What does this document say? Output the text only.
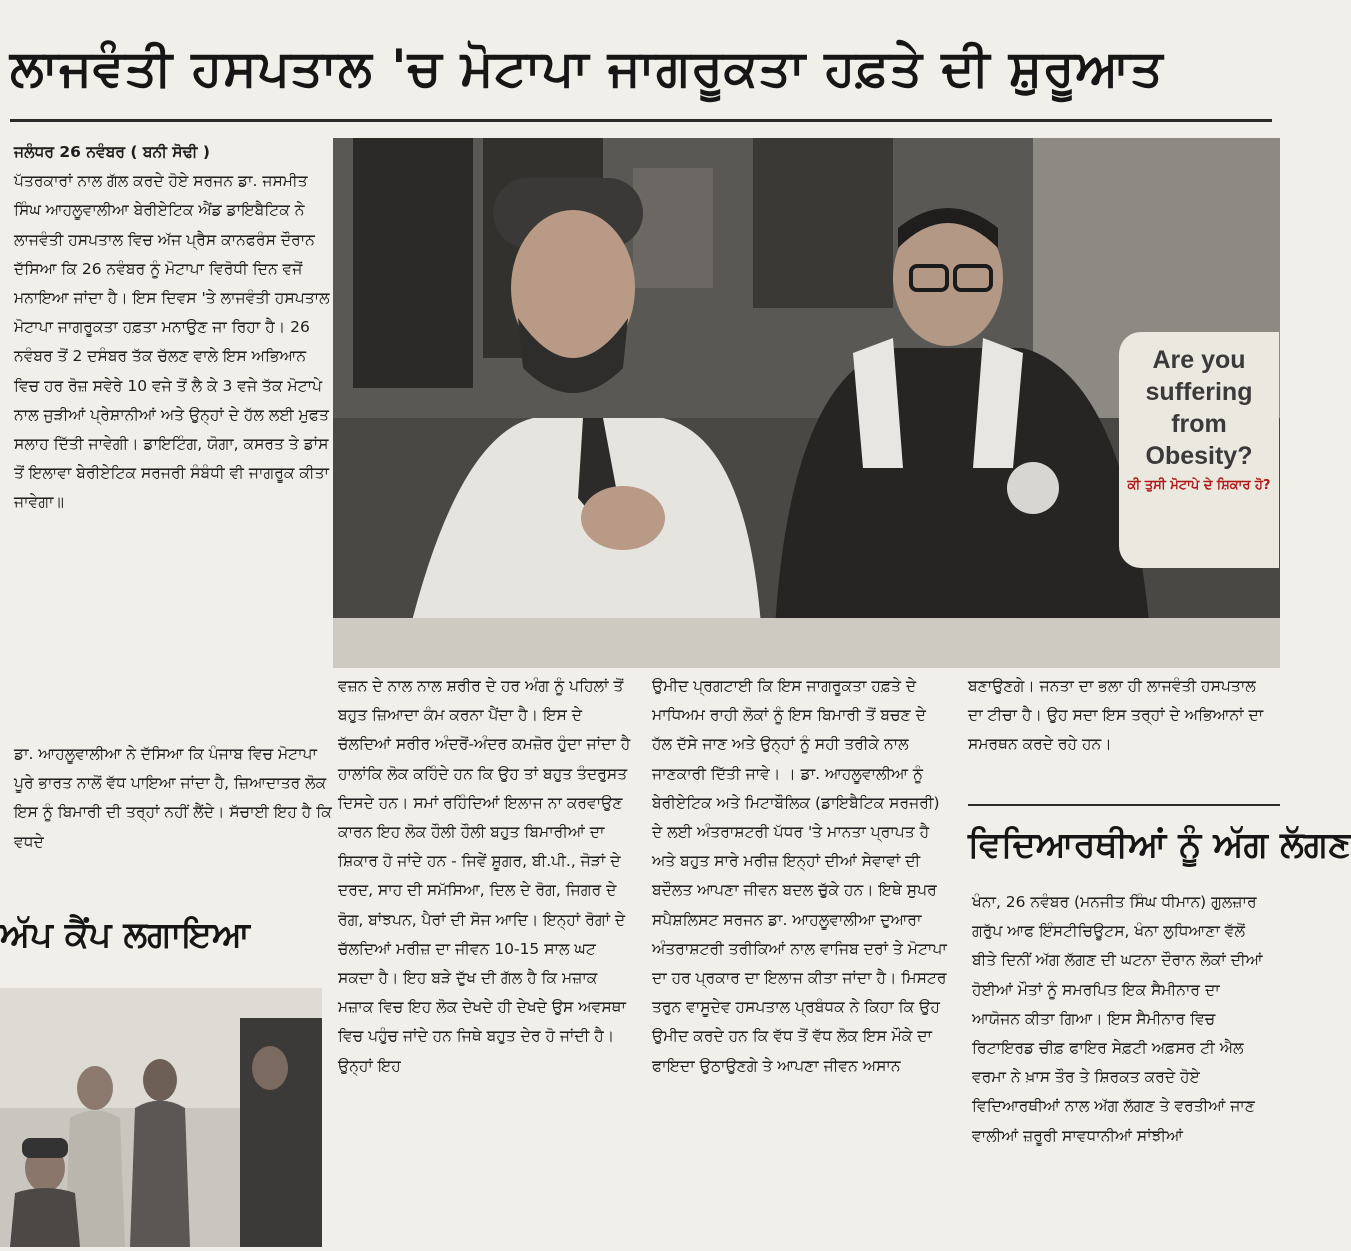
ਲਾਜਵੰਤੀ ਹਸਪਤਾਲ 'ਚ ਮੋਟਾਪਾ ਜਾਗਰੂਕਤਾ ਹਫ਼ਤੇ ਦੀ ਸ਼ੁਰੂਆਤ

ਜਲੰਧਰ 26 ਨਵੰਬਰ ( ਬਨੀ ਸੋਢੀ )

ਪੱਤਰਕਾਰਾਂ ਨਾਲ ਗੱਲ ਕਰਦੇ ਹੋਏ ਸਰਜਨ ਡਾ. ਜਸਮੀਤ ਸਿੰਘ ਆਹਲੂਵਾਲੀਆ ਬੇਰੀਏਟਿਕ ਐਂਡ ਡਾਇਬੈਟਿਕ ਨੇ ਲਾਜਵੰਤੀ ਹਸਪਤਾਲ ਵਿਚ ਅੱਜ ਪ੍ਰੈਸ ਕਾਨਫਰੰਸ ਦੌਰਾਨ ਦੱਸਿਆ ਕਿ 26 ਨਵੰਬਰ ਨੂੰ ਮੋਟਾਪਾ ਵਿਰੋਧੀ ਦਿਨ ਵਜੋਂ ਮਨਾਇਆ ਜਾਂਦਾ ਹੈ। ਇਸ ਦਿਵਸ 'ਤੇ ਲਾਜਵੰਤੀ ਹਸਪਤਾਲ ਮੋਟਾਪਾ ਜਾਗਰੂਕਤਾ ਹਫ਼ਤਾ ਮਨਾਉਣ ਜਾ ਰਿਹਾ ਹੈ। 26 ਨਵੰਬਰ ਤੋਂ 2 ਦਸੰਬਰ ਤੱਕ ਚੱਲਣ ਵਾਲੇ ਇਸ ਅਭਿਆਨ ਵਿਚ ਹਰ ਰੋਜ਼ ਸਵੇਰੇ 10 ਵਜੇ ਤੋਂ ਲੈ ਕੇ 3 ਵਜੇ ਤੱਕ ਮੋਟਾਪੇ ਨਾਲ ਜੁੜੀਆਂ ਪ੍ਰੇਸ਼ਾਨੀਆਂ ਅਤੇ ਉਨ੍ਹਾਂ ਦੇ ਹੱਲ ਲਈ ਮੁਫਤ ਸਲਾਹ ਦਿੱਤੀ ਜਾਵੇਗੀ। ਡਾਇਟਿੰਗ, ਯੋਗਾ, ਕਸਰਤ ਤੇ ਡਾਂਸ ਤੋਂ ਇਲਾਵਾ ਬੇਰੀਏਟਿਕ ਸਰਜਰੀ ਸੰਬੰਧੀ ਵੀ ਜਾਗਰੂਕ ਕੀਤਾ ਜਾਵੇਗਾ॥

ਡਾ. ਆਹਲੂਵਾਲੀਆ ਨੇ ਦੱਸਿਆ ਕਿ ਪੰਜਾਬ ਵਿਚ ਮੋਟਾਪਾ ਪੂਰੇ ਭਾਰਤ ਨਾਲੋਂ ਵੱਧ ਪਾਇਆ ਜਾਂਦਾ ਹੈ, ਜ਼ਿਆਦਾਤਰ ਲੋਕ ਇਸ ਨੂੰ ਬਿਮਾਰੀ ਦੀ ਤਰ੍ਹਾਂ ਨਹੀਂ ਲੈਂਦੇ। ਸੱਚਾਈ ਇਹ ਹੈ ਕਿ ਵਧਦੇ

Are you
suffering
from
Obesity?
ਕੀ ਤੁਸੀ ਮੋਟਾਪੇ ਦੇ ਸ਼ਿਕਾਰ ਹੋ?

ਵਜ਼ਨ ਦੇ ਨਾਲ ਨਾਲ ਸ਼ਰੀਰ ਦੇ ਹਰ ਅੰਗ ਨੂੰ ਪਹਿਲਾਂ ਤੋਂ ਬਹੁਤ ਜ਼ਿਆਦਾ ਕੰਮ ਕਰਨਾ ਪੈਂਦਾ ਹੈ। ਇਸ ਦੇ ਚੱਲਦਿਆਂ ਸਰੀਰ ਅੰਦਰੋਂ-ਅੰਦਰ ਕਮਜ਼ੋਰ ਹੁੰਦਾ ਜਾਂਦਾ ਹੈ ਹਾਲਾਂਕਿ ਲੋਕ ਕਹਿੰਦੇ ਹਨ ਕਿ ਉਹ ਤਾਂ ਬਹੁਤ ਤੰਦਰੁਸਤ ਦਿਸਦੇ ਹਨ। ਸਮਾਂ ਰਹਿੰਦਿਆਂ ਇਲਾਜ ਨਾ ਕਰਵਾਉਣ ਕਾਰਨ ਇਹ ਲੋਕ ਹੌਲੀ ਹੌਲੀ ਬਹੁਤ ਬਿਮਾਰੀਆਂ ਦਾ ਸ਼ਿਕਾਰ ਹੋ ਜਾਂਦੇ ਹਨ - ਜਿਵੇਂ ਸ਼ੂਗਰ, ਬੀ.ਪੀ., ਜੋੜਾਂ ਦੇ ਦਰਦ, ਸਾਹ ਦੀ ਸਮੱਸਿਆ, ਦਿਲ ਦੇ ਰੋਗ, ਜਿਗਰ ਦੇ ਰੋਗ, ਬਾਂਝਪਨ, ਪੈਰਾਂ ਦੀ ਸੋਜ ਆਦਿ। ਇਨ੍ਹਾਂ ਰੋਗਾਂ ਦੇ ਚੱਲਦਿਆਂ ਮਰੀਜ਼ ਦਾ ਜੀਵਨ 10-15 ਸਾਲ ਘਟ ਸਕਦਾ ਹੈ। ਇਹ ਬੜੇ ਦੁੱਖ ਦੀ ਗੱਲ ਹੈ ਕਿ ਮਜ਼ਾਕ ਮਜ਼ਾਕ ਵਿਚ ਇਹ ਲੋਕ ਦੇਖਦੇ ਹੀ ਦੇਖਦੇ ਉਸ ਅਵਸਥਾ ਵਿਚ ਪਹੁੰਚ ਜਾਂਦੇ ਹਨ ਜਿਥੇ ਬਹੁਤ ਦੇਰ ਹੋ ਜਾਂਦੀ ਹੈ। ਉਨ੍ਹਾਂ ਇਹ

ਉਮੀਦ ਪ੍ਰਗਟਾਈ ਕਿ ਇਸ ਜਾਗਰੂਕਤਾ ਹਫ਼ਤੇ ਦੇ ਮਾਧਿਅਮ ਰਾਹੀ ਲੋਕਾਂ ਨੂੰ ਇਸ ਬਿਮਾਰੀ ਤੋਂ ਬਚਣ ਦੇ ਹੱਲ ਦੱਸੇ ਜਾਣ ਅਤੇ ਉਨ੍ਹਾਂ ਨੂੰ ਸਹੀ ਤਰੀਕੇ ਨਾਲ ਜਾਣਕਾਰੀ ਦਿੱਤੀ ਜਾਵੇ। । ਡਾ. ਆਹਲੂਵਾਲੀਆ ਨੂੰ ਬੇਰੀਏਟਿਕ ਅਤੇ ਮਿਟਾਬੌਲਿਕ (ਡਾਇਬੈਟਿਕ ਸਰਜਰੀ) ਦੇ ਲਈ ਅੰਤਰਾਸ਼ਟਰੀ ਪੱਧਰ 'ਤੇ ਮਾਨਤਾ ਪ੍ਰਾਪਤ ਹੈ ਅਤੇ ਬਹੁਤ ਸਾਰੇ ਮਰੀਜ਼ ਇਨ੍ਹਾਂ ਦੀਆਂ ਸੇਵਾਵਾਂ ਦੀ ਬਦੌਲਤ ਆਪਣਾ ਜੀਵਨ ਬਦਲ ਚੁੱਕੇ ਹਨ। ਇਥੇ ਸੁਪਰ ਸਪੈਸ਼ਲਿਸਟ ਸਰਜਨ ਡਾ. ਆਹਲੂਵਾਲੀਆ ਦੁਆਰਾ ਅੰਤਰਾਸ਼ਟਰੀ ਤਰੀਕਿਆਂ ਨਾਲ ਵਾਜਿਬ ਦਰਾਂ ਤੇ ਮੋਟਾਪਾ ਦਾ ਹਰ ਪ੍ਰਕਾਰ ਦਾ ਇਲਾਜ ਕੀਤਾ ਜਾਂਦਾ ਹੈ। ਮਿਸਟਰ ਤਰੁਨ ਵਾਸੂਦੇਵ ਹਸਪਤਾਲ ਪ੍ਰਬੰਧਕ ਨੇ ਕਿਹਾ ਕਿ ਉਹ ਉਮੀਦ ਕਰਦੇ ਹਨ ਕਿ ਵੱਧ ਤੋਂ ਵੱਧ ਲੋਕ ਇਸ ਮੌਕੇ ਦਾ ਫਾਇਦਾ ਉਠਾਉਣਗੇ ਤੇ ਆਪਣਾ ਜੀਵਨ ਅਸਾਨ

ਬਣਾਉਣਗੇ। ਜਨਤਾ ਦਾ ਭਲਾ ਹੀ ਲਾਜਵੰਤੀ ਹਸਪਤਾਲ ਦਾ ਟੀਚਾ ਹੈ। ਉਹ ਸਦਾ ਇਸ ਤਰ੍ਹਾਂ ਦੇ ਅਭਿਆਨਾਂ ਦਾ ਸਮਰਥਨ ਕਰਦੇ ਰਹੇ ਹਨ।

ਵਿਦਿਆਰਥੀਆਂ ਨੂੰ ਅੱਗ ਲੱਗਣ

ਖੰਨਾ, 26 ਨਵੰਬਰ (ਮਨਜੀਤ ਸਿੰਘ ਧੀਮਾਨ) ਗੁਲਜ਼ਾਰ ਗਰੁੱਪ ਆਫ ਇੰਸਟੀਚਿਊਟਸ, ਖੰਨਾ ਲੁਧਿਆਣਾ ਵੱਲੋਂ ਬੀਤੇ ਦਿਨੀਂ ਅੱਗ ਲੱਗਣ ਦੀ ਘਟਨਾ ਦੌਰਾਨ ਲੋਕਾਂ ਦੀਆਂ ਹੋਈਆਂ ਮੌਤਾਂ ਨੂੰ ਸਮਰਪਿਤ ਇਕ ਸੈਮੀਨਾਰ ਦਾ ਆਯੋਜਨ ਕੀਤਾ ਗਿਆ। ਇਸ ਸੈਮੀਨਾਰ ਵਿਚ ਰਿਟਾਇਰਡ ਚੀਫ਼ ਫਾਇਰ ਸੇਫ਼ਟੀ ਅਫ਼ਸਰ ਟੀ ਐਲ ਵਰਮਾ ਨੇ ਖ਼ਾਸ ਤੌਰ ਤੇ ਸ਼ਿਰਕਤ ਕਰਦੇ ਹੋਏ ਵਿਦਿਆਰਥੀਆਂ ਨਾਲ ਅੱਗ ਲੱਗਣ ਤੇ ਵਰਤੀਆਂ ਜਾਣ ਵਾਲੀਆਂ ਜ਼ਰੂਰੀ ਸਾਵਧਾਨੀਆਂ ਸਾਂਝੀਆਂ

ਅੱਪ ਕੈਂਪ ਲਗਾਇਆ
